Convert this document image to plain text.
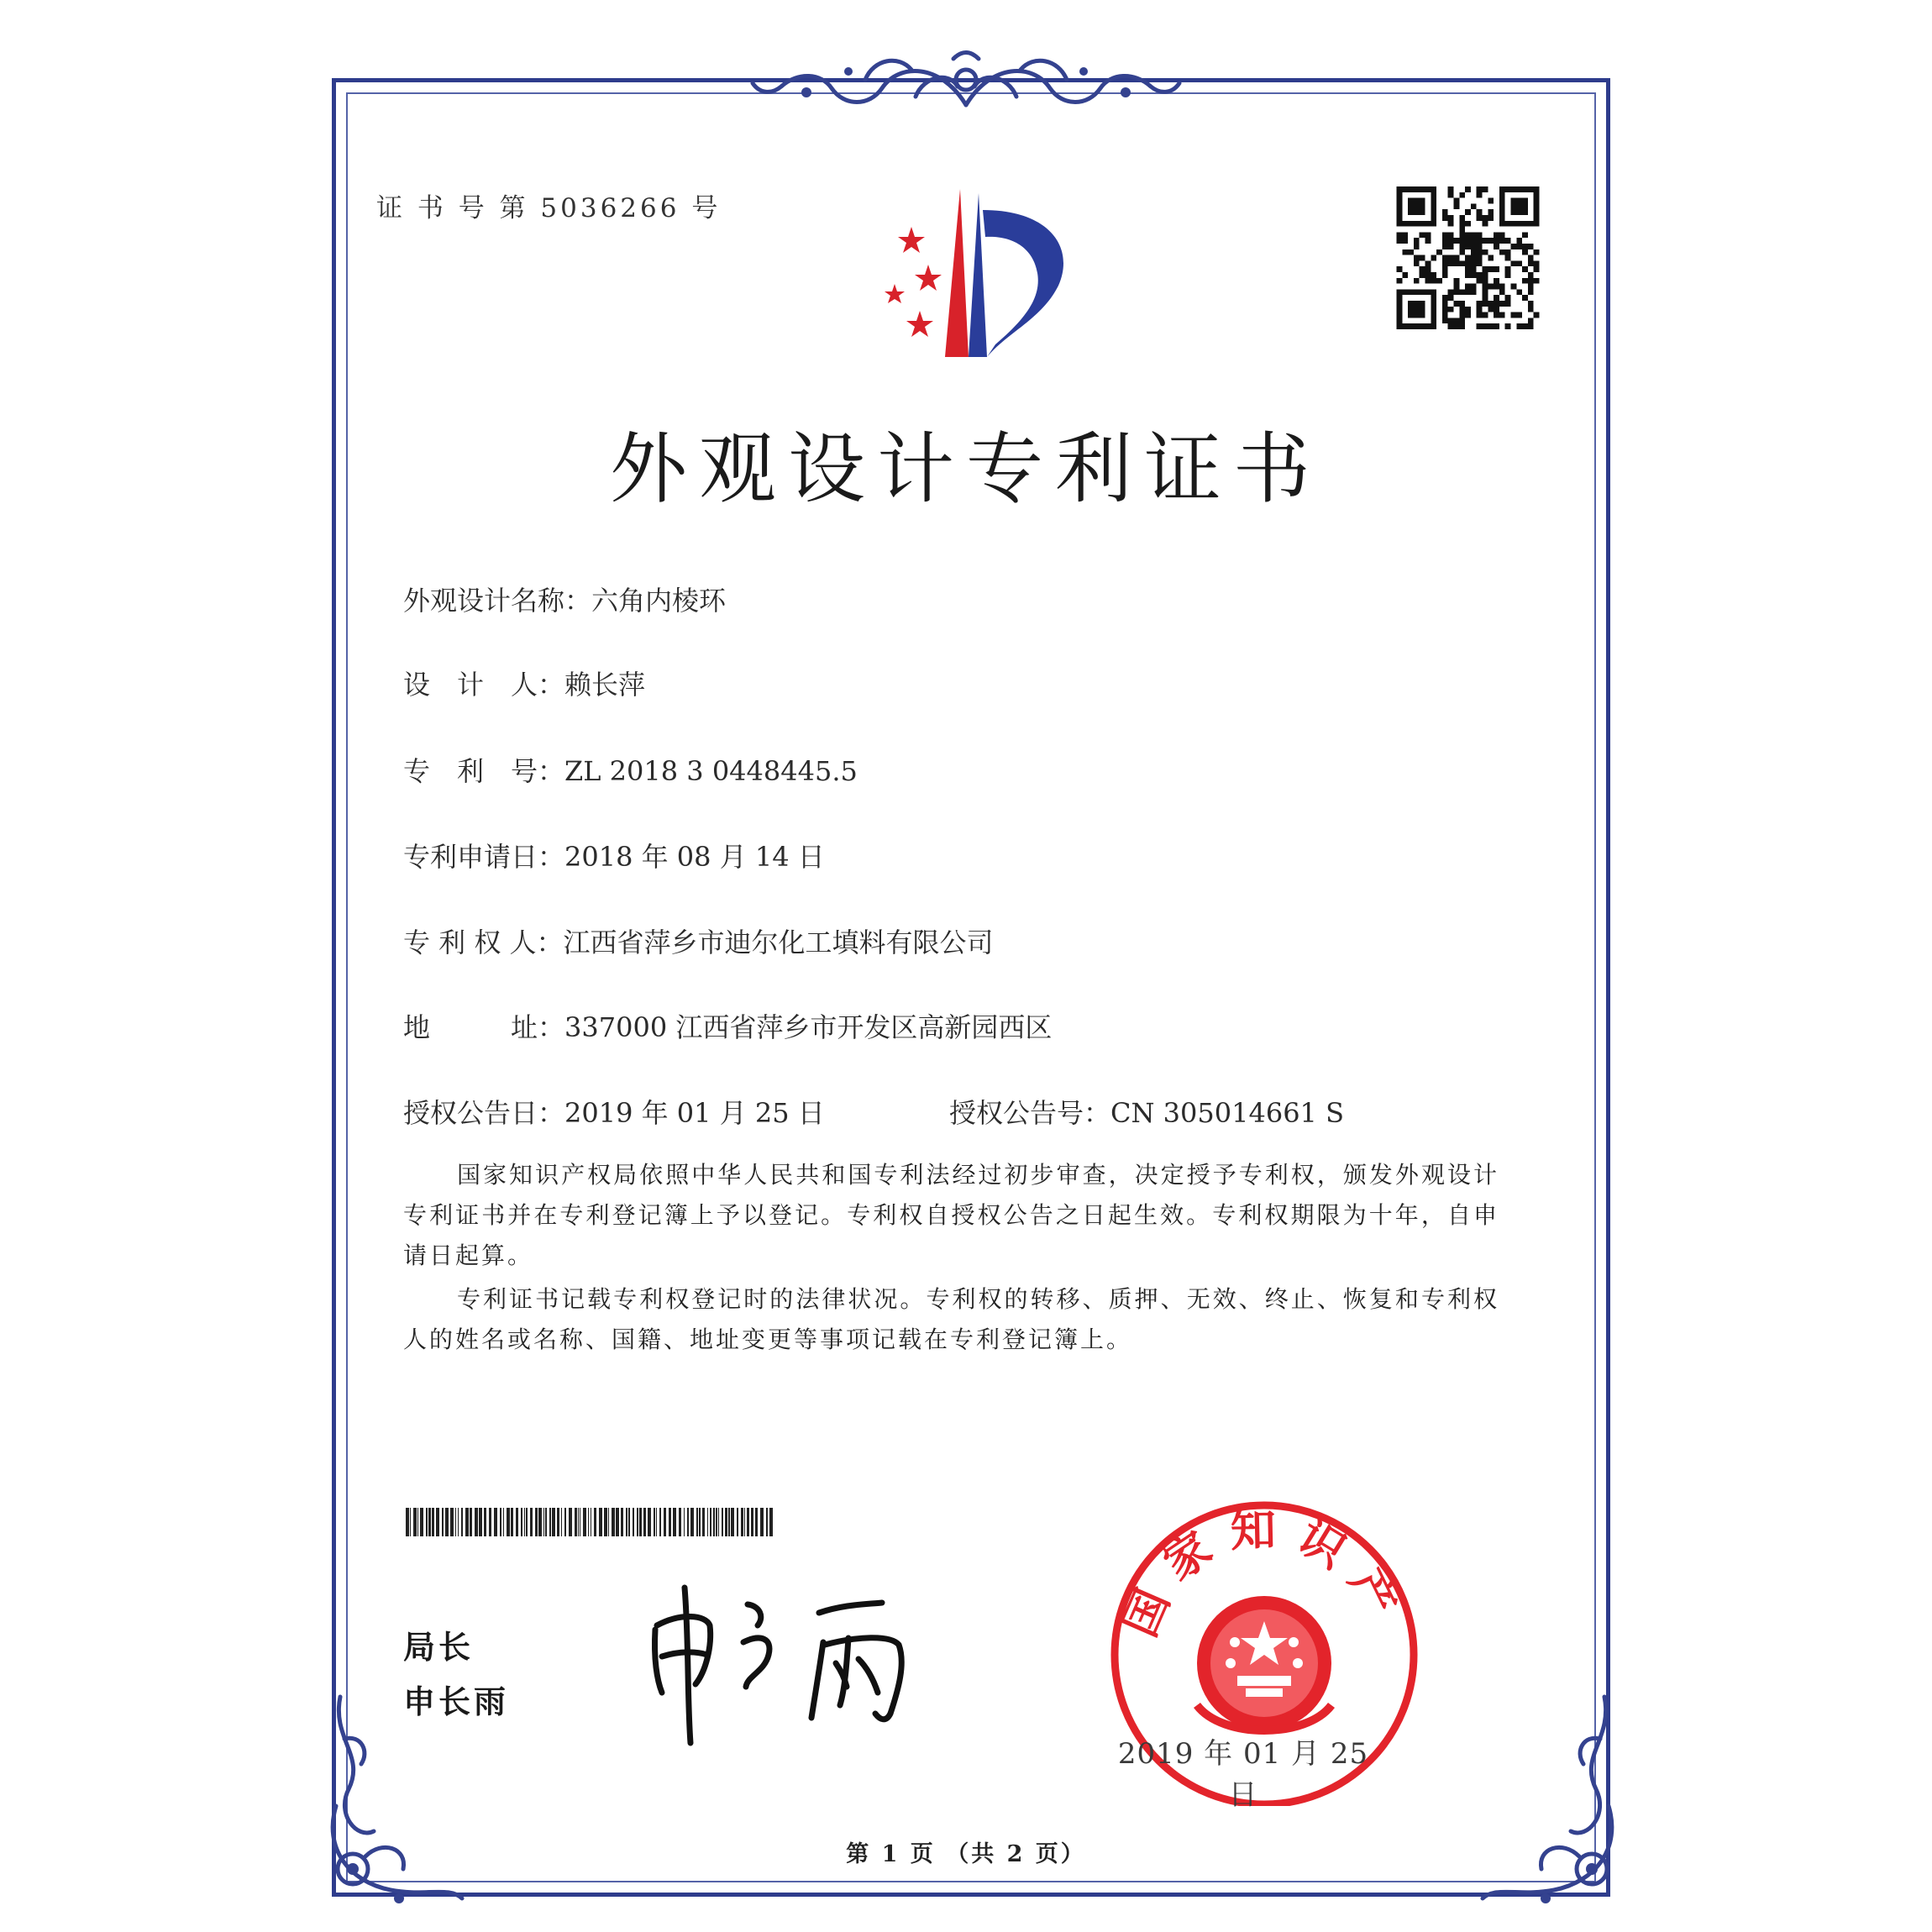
证 书 号 第 5036266 号
外观设计专利证书
外观设计名称：六角内棱环
设　计　人：赖长萍
专　利　号：ZL 2018 3 0448445.5
专利申请日：2018 年 08 月 14 日
专 利 权 人：江西省萍乡市迪尔化工填料有限公司
地　　　址：337000 江西省萍乡市开发区高新园西区
授权公告日：2019 年 01 月 25 日	授权公告号：CN 305014661 S
国家知识产权局依照中华人民共和国专利法经过初步审查，决定授予专利权，颁发外观设计专利证书并在专利登记簿上予以登记。专利权自授权公告之日起生效。专利权期限为十年，自申请日起算。
专利证书记载专利权登记时的法律状况。专利权的转移、质押、无效、终止、恢复和专利权人的姓名或名称、国籍、地址变更等事项记载在专利登记簿上。
局长
申长雨
国家知识产
2019 年 01 月 25 日
第 1 页 （共 2 页）
